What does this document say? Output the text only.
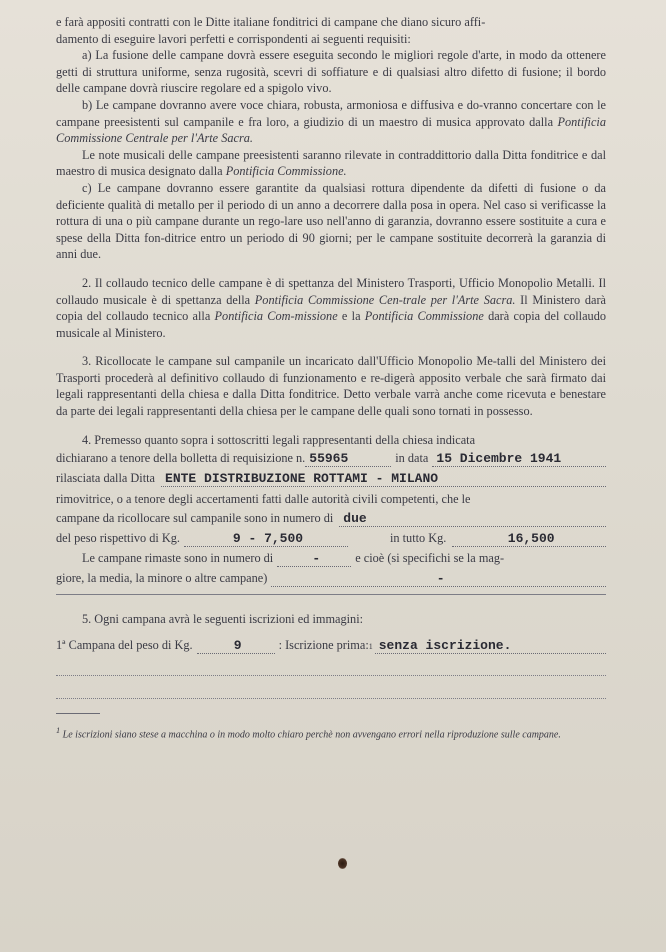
e farà appositi contratti con le Ditte italiane fonditrici di campane che diano sicuro affi-

damento di eseguire lavori perfetti e corrispondenti ai seguenti requisiti:

a) La fusione delle campane dovrà essere eseguita secondo le migliori regole d'arte, in modo da ottenere getti di struttura uniforme, senza rugosità, scevri di soffiature e di qualsiasi altro difetto di fusione; il bordo delle campane dovrà riuscire regolare ed a spigolo vivo.

b) Le campane dovranno avere voce chiara, robusta, armoniosa e diffusiva e do-vranno concertare con le campane preesistenti sul campanile e fra loro, a giudizio di un maestro di musica approvato dalla Pontificia Commissione Centrale per l'Arte Sacra.

Le note musicali delle campane preesistenti saranno rilevate in contraddittorio dalla Ditta fonditrice e dal maestro di musica designato dalla Pontificia Commissione.

c) Le campane dovranno essere garantite da qualsiasi rottura dipendente da difetti di fusione o da deficiente qualità di metallo per il periodo di un anno a decorrere dalla posa in opera. Nel caso si verificasse la rottura di una o più campane durante un rego-lare uso nell'anno di garanzia, dovranno essere sostituite a cura e spese della Ditta fon-ditrice entro un periodo di 90 giorni; per le campane sostituite decorrerà la garanzia di anni due.

2. Il collaudo tecnico delle campane è di spettanza del Ministero Trasporti, Ufficio Monopolio Metalli. Il collaudo musicale è di spettanza della Pontificia Commissione Cen-trale per l'Arte Sacra. Il Ministero darà copia del collaudo tecnico alla Pontificia Com-missione e la Pontificia Commissione darà copia del collaudo musicale al Ministero.

3. Ricollocate le campane sul campanile un incaricato dall'Ufficio Monopolio Me-talli del Ministero dei Trasporti procederà al definitivo collaudo di funzionamento e re-digerà apposito verbale che sarà firmato dai legali rappresentanti della chiesa e dalla Ditta fonditrice. Detto verbale varrà anche come ricevuta e benestare da parte dei legali rappresentanti della chiesa per le campane delle quali sono tornati in possesso.

4. Premesso quanto sopra i sottoscritti legali rappresentanti della chiesa indicata

dichiarano a tenore della bolletta di requisizione n. 55965	in data 15 Dicembre 1941
rilasciata dalla Ditta ENTE DISTRIBUZIONE ROTTAMI - MILANO

rimovitrice, o a tenore degli accertamenti fatti dalle autorità civili competenti, che le

campane da ricollocare sul campanile sono in numero di due
del peso rispettivo di Kg.	9 - 7,500	in tutto Kg.	16,500
Le campane rimaste sono in numero di	-	e cioè (si specifichi se la mag-
giore, la media, la minore o altre campane)	-

5. Ogni campana avrà le seguenti iscrizioni ed immagini:

1ª Campana del peso di Kg.	9	: Iscrizione prima: 1 senza iscrizione.

$^1$ Le iscrizioni siano stese a macchina o in modo molto chiaro perchè non avvengano errori nella riproduzione sulle campane.
